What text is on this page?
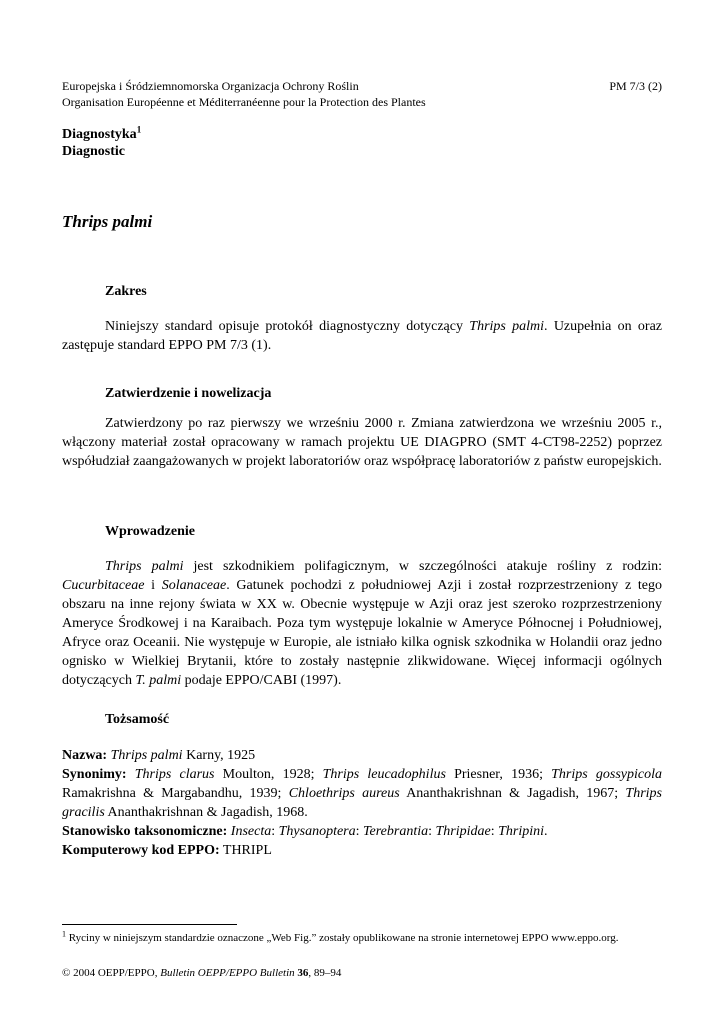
Europejska i Śródziemnomorska Organizacja Ochrony Roślin
Organisation Européenne et Méditerranéenne pour la Protection des Plantes
PM 7/3 (2)
Diagnostyka$^1$
Diagnostic
Thrips palmi
Zakres

Niniejszy standard opisuje protokół diagnostyczny dotyczący Thrips palmi. Uzupełnia on oraz zastępuje standard EPPO PM 7/3 (1).

Zatwierdzenie i nowelizacja

Zatwierdzony po raz pierwszy we wrześniu 2000 r. Zmiana zatwierdzona we wrześniu 2005 r., włączony materiał został opracowany w ramach projektu UE DIAGPRO (SMT 4-CT98-2252) poprzez współudział zaangażowanych w projekt laboratoriów oraz współpracę laboratoriów z państw europejskich.

Wprowadzenie

Thrips palmi jest szkodnikiem polifagicznym, w szczególności atakuje rośliny z rodzin: Cucurbitaceae i Solanaceae. Gatunek pochodzi z południowej Azji i został rozprzestrzeniony z tego obszaru na inne rejony świata w XX w. Obecnie występuje w Azji oraz jest szeroko rozprzestrzeniony Ameryce Środkowej i na Karaibach. Poza tym występuje lokalnie w Ameryce Północnej i Południowej, Afryce oraz Oceanii. Nie występuje w Europie, ale istniało kilka ognisk szkodnika w Holandii oraz jedno ognisko w Wielkiej Brytanii, które to zostały następnie zlikwidowane. Więcej informacji ogólnych dotyczących T. palmi podaje EPPO/CABI (1997).

Tożsamość
Nazwa: Thrips palmi Karny, 1925
Synonimy: Thrips clarus Moulton, 1928; Thrips leucadophilus Priesner, 1936; Thrips gossypicola Ramakrishna & Margabandhu, 1939; Chloethrips aureus Ananthakrishnan & Jagadish, 1967; Thrips gracilis Ananthakrishnan & Jagadish, 1968.
Stanowisko taksonomiczne: Insecta: Thysanoptera: Terebrantia: Thripidae: Thripini.
Komputerowy kod EPPO: THRIPL
$^1$ Ryciny w niniejszym standardzie oznaczone „Web Fig.” zostały opublikowane na stronie internetowej EPPO www.eppo.org.
© 2004 OEPP/EPPO, Bulletin OEPP/EPPO Bulletin 36, 89–94
